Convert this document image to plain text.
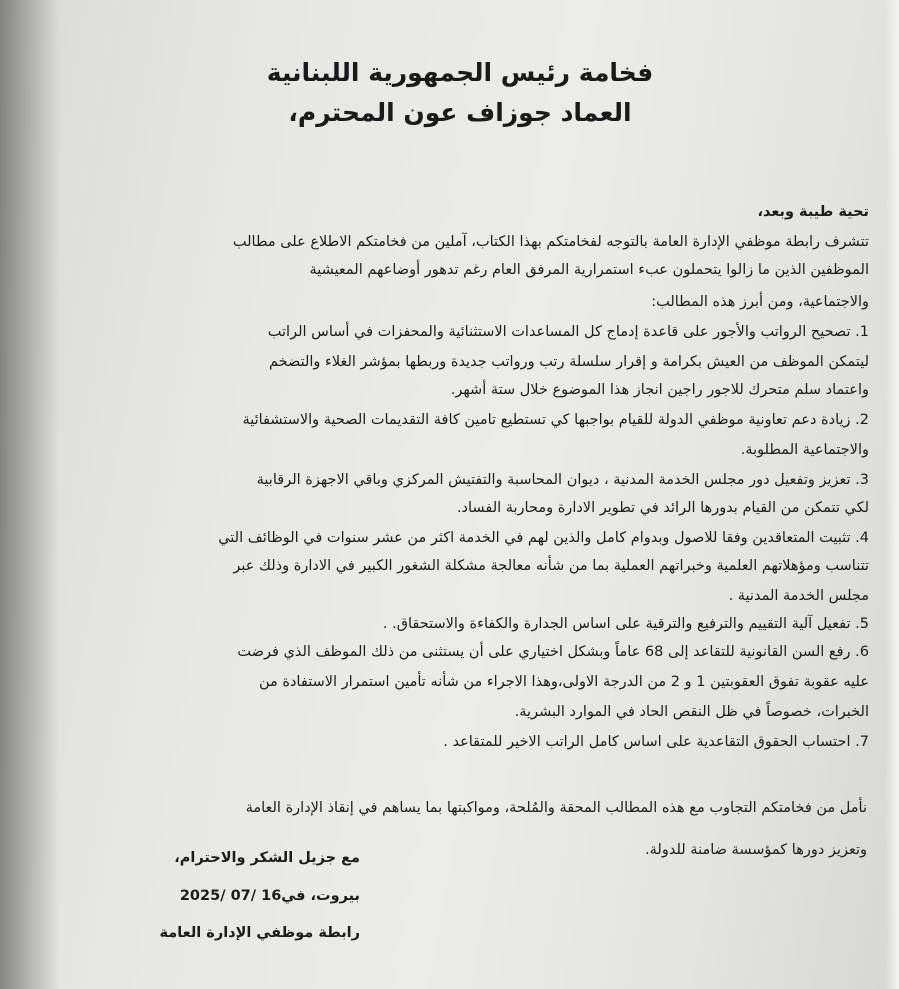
فخامة رئيس الجمهورية اللبنانية
العماد جوزاف عون المحترم،
تحية طيبة وبعد،
تتشرف رابطة موظفي الإدارة العامة بالتوجه لفخامتكم بهذا الكتاب، آملين من فخامتكم الاطلاع على مطالب
الموظفين الذين ما زالوا يتحملون عبء استمرارية المرفق العام رغم تدهور أوضاعهم المعيشية
والاجتماعية، ومن أبرز هذه المطالب:
1. تصحيح الرواتب والأجور على قاعدة إدماج كل المساعدات الاستثنائية والمحفزات في أساس الراتب
ليتمكن الموظف من العيش بكرامة و إقرار سلسلة رتب ورواتب جديدة وربطها بمؤشر الغلاء والتضخم
واعتماد سلم متحرك للاجور راجين انجاز هذا الموضوع خلال ستة أشهر.
2. زيادة دعم تعاونية موظفي الدولة للقيام بواجبها كي تستطيع تامين كافة التقديمات الصحية والاستشفائية
والاجتماعية المطلوبة.
3. تعزيز وتفعيل دور مجلس الخدمة المدنية ، ديوان المحاسبة والتفتيش المركزي وباقي الاجهزة الرقابية
لكي تتمكن من القيام بدورها الرائد في تطوير الادارة ومحاربة الفساد.
4. تثبيت المتعاقدين وفقا للاصول وبدوام كامل والذين لهم في الخدمة اكثر من عشر سنوات في الوظائف التي
تتناسب ومؤهلاتهم العلمية وخبراتهم العملية بما من شأنه معالجة مشكلة الشغور الكبير في الادارة وذلك عبر
مجلس الخدمة المدنية .
5. تفعيل آلية التقييم والترفيع والترقية على اساس الجدارة والكفاءة والاستحقاق. .
6. رفع السن القانونية للتقاعد إلى 68 عاماً وبشكل اختياري على أن يستثنى من ذلك الموظف الذي فرضت
عليه عقوبة تفوق العقوبتين 1 و 2 من الدرجة الاولى،وهذا الاجراء من شأنه تأمين استمرار الاستفادة من
الخبرات، خصوصاً في ظل النقص الحاد في الموارد البشرية.
7. احتساب الحقوق التقاعدية على اساس كامل الراتب الاخير للمتقاعد .
نأمل من فخامتكم التجاوب مع هذه المطالب المحقة والمُلحة، ومواكبتها بما يساهم في إنقاذ الإدارة العامة
وتعزيز دورها كمؤسسة ضامنة للدولة.
مع جزيل الشكر والاحترام،
بيروت، في16 /07 /2025
رابطة موظفي الإدارة العامة
